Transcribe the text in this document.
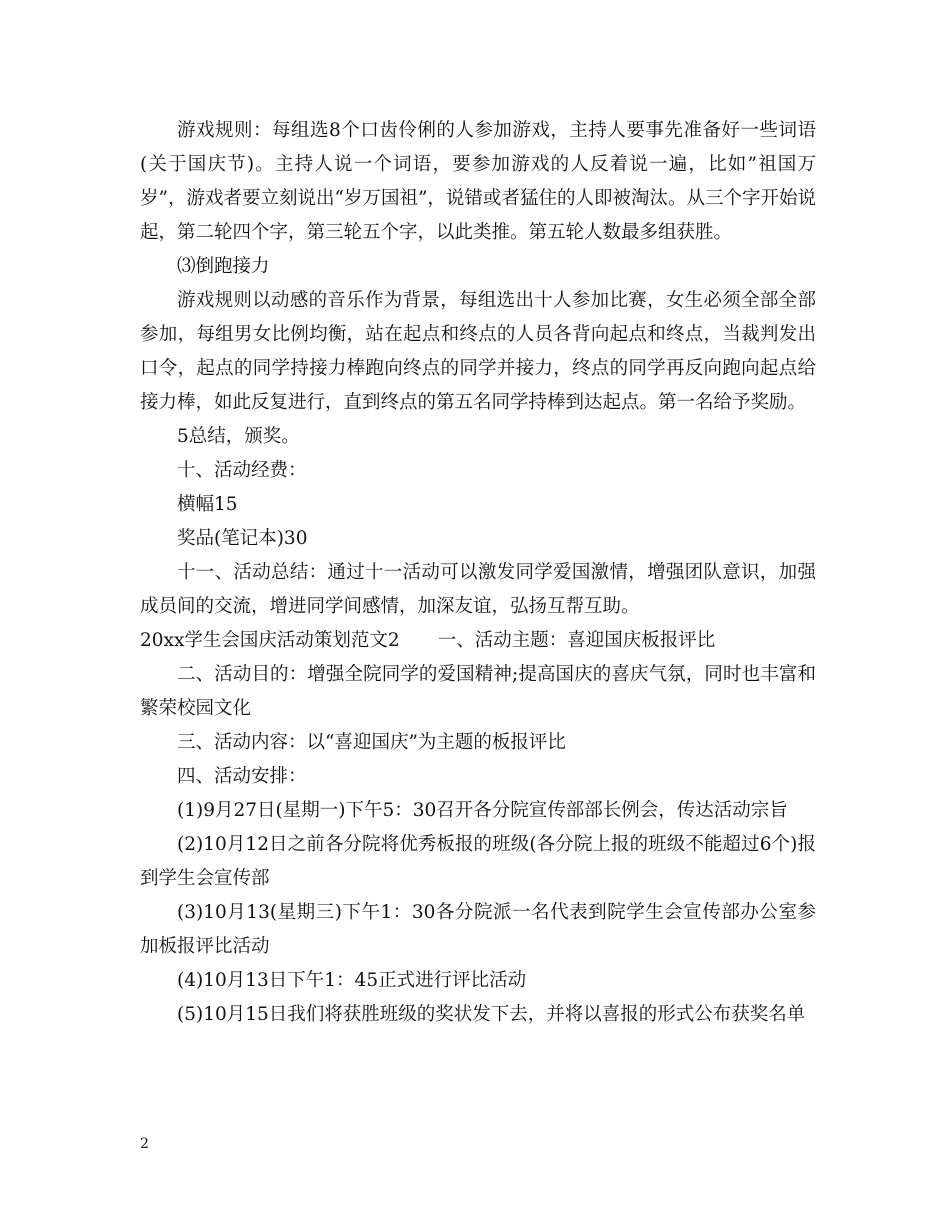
游戏规则：每组选8个口齿伶俐的人参加游戏，主持人要事先准备好一些词语(关于国庆节)。主持人说一个词语，要参加游戏的人反着说一遍，比如”祖国万岁”，游戏者要立刻说出“岁万国祖”，说错或者猛住的人即被淘汰。从三个字开始说起，第二轮四个字，第三轮五个字，以此类推。第五轮人数最多组获胜。

⑶倒跑接力

游戏规则以动感的音乐作为背景，每组选出十人参加比赛，女生必须全部全部参加，每组男女比例均衡，站在起点和终点的人员各背向起点和终点，当裁判发出口令，起点的同学持接力棒跑向终点的同学并接力，终点的同学再反向跑向起点给接力棒，如此反复进行，直到终点的第五名同学持棒到达起点。第一名给予奖励。

5总结，颁奖。

十、活动经费：

横幅15

奖品(笔记本)30

十一、活动总结：通过十一活动可以激发同学爱国激情，增强团队意识，加强成员间的交流，增进同学间感情，加深友谊，弘扬互帮互助。

20xx学生会国庆活动策划范文2 一、活动主题：喜迎国庆板报评比

二、活动目的：增强全院同学的爱国精神;提高国庆的喜庆气氛，同时也丰富和繁荣校园文化

三、活动内容：以“喜迎国庆”为主题的板报评比

四、活动安排：

(1)9月27日(星期一)下午5：30召开各分院宣传部部长例会，传达活动宗旨

(2)10月12日之前各分院将优秀板报的班级(各分院上报的班级不能超过6个)报到学生会宣传部

(3)10月13(星期三)下午1：30各分院派一名代表到院学生会宣传部办公室参加板报评比活动

(4)10月13日下午1：45正式进行评比活动

(5)10月15日我们将获胜班级的奖状发下去，并将以喜报的形式公布获奖名单

2
